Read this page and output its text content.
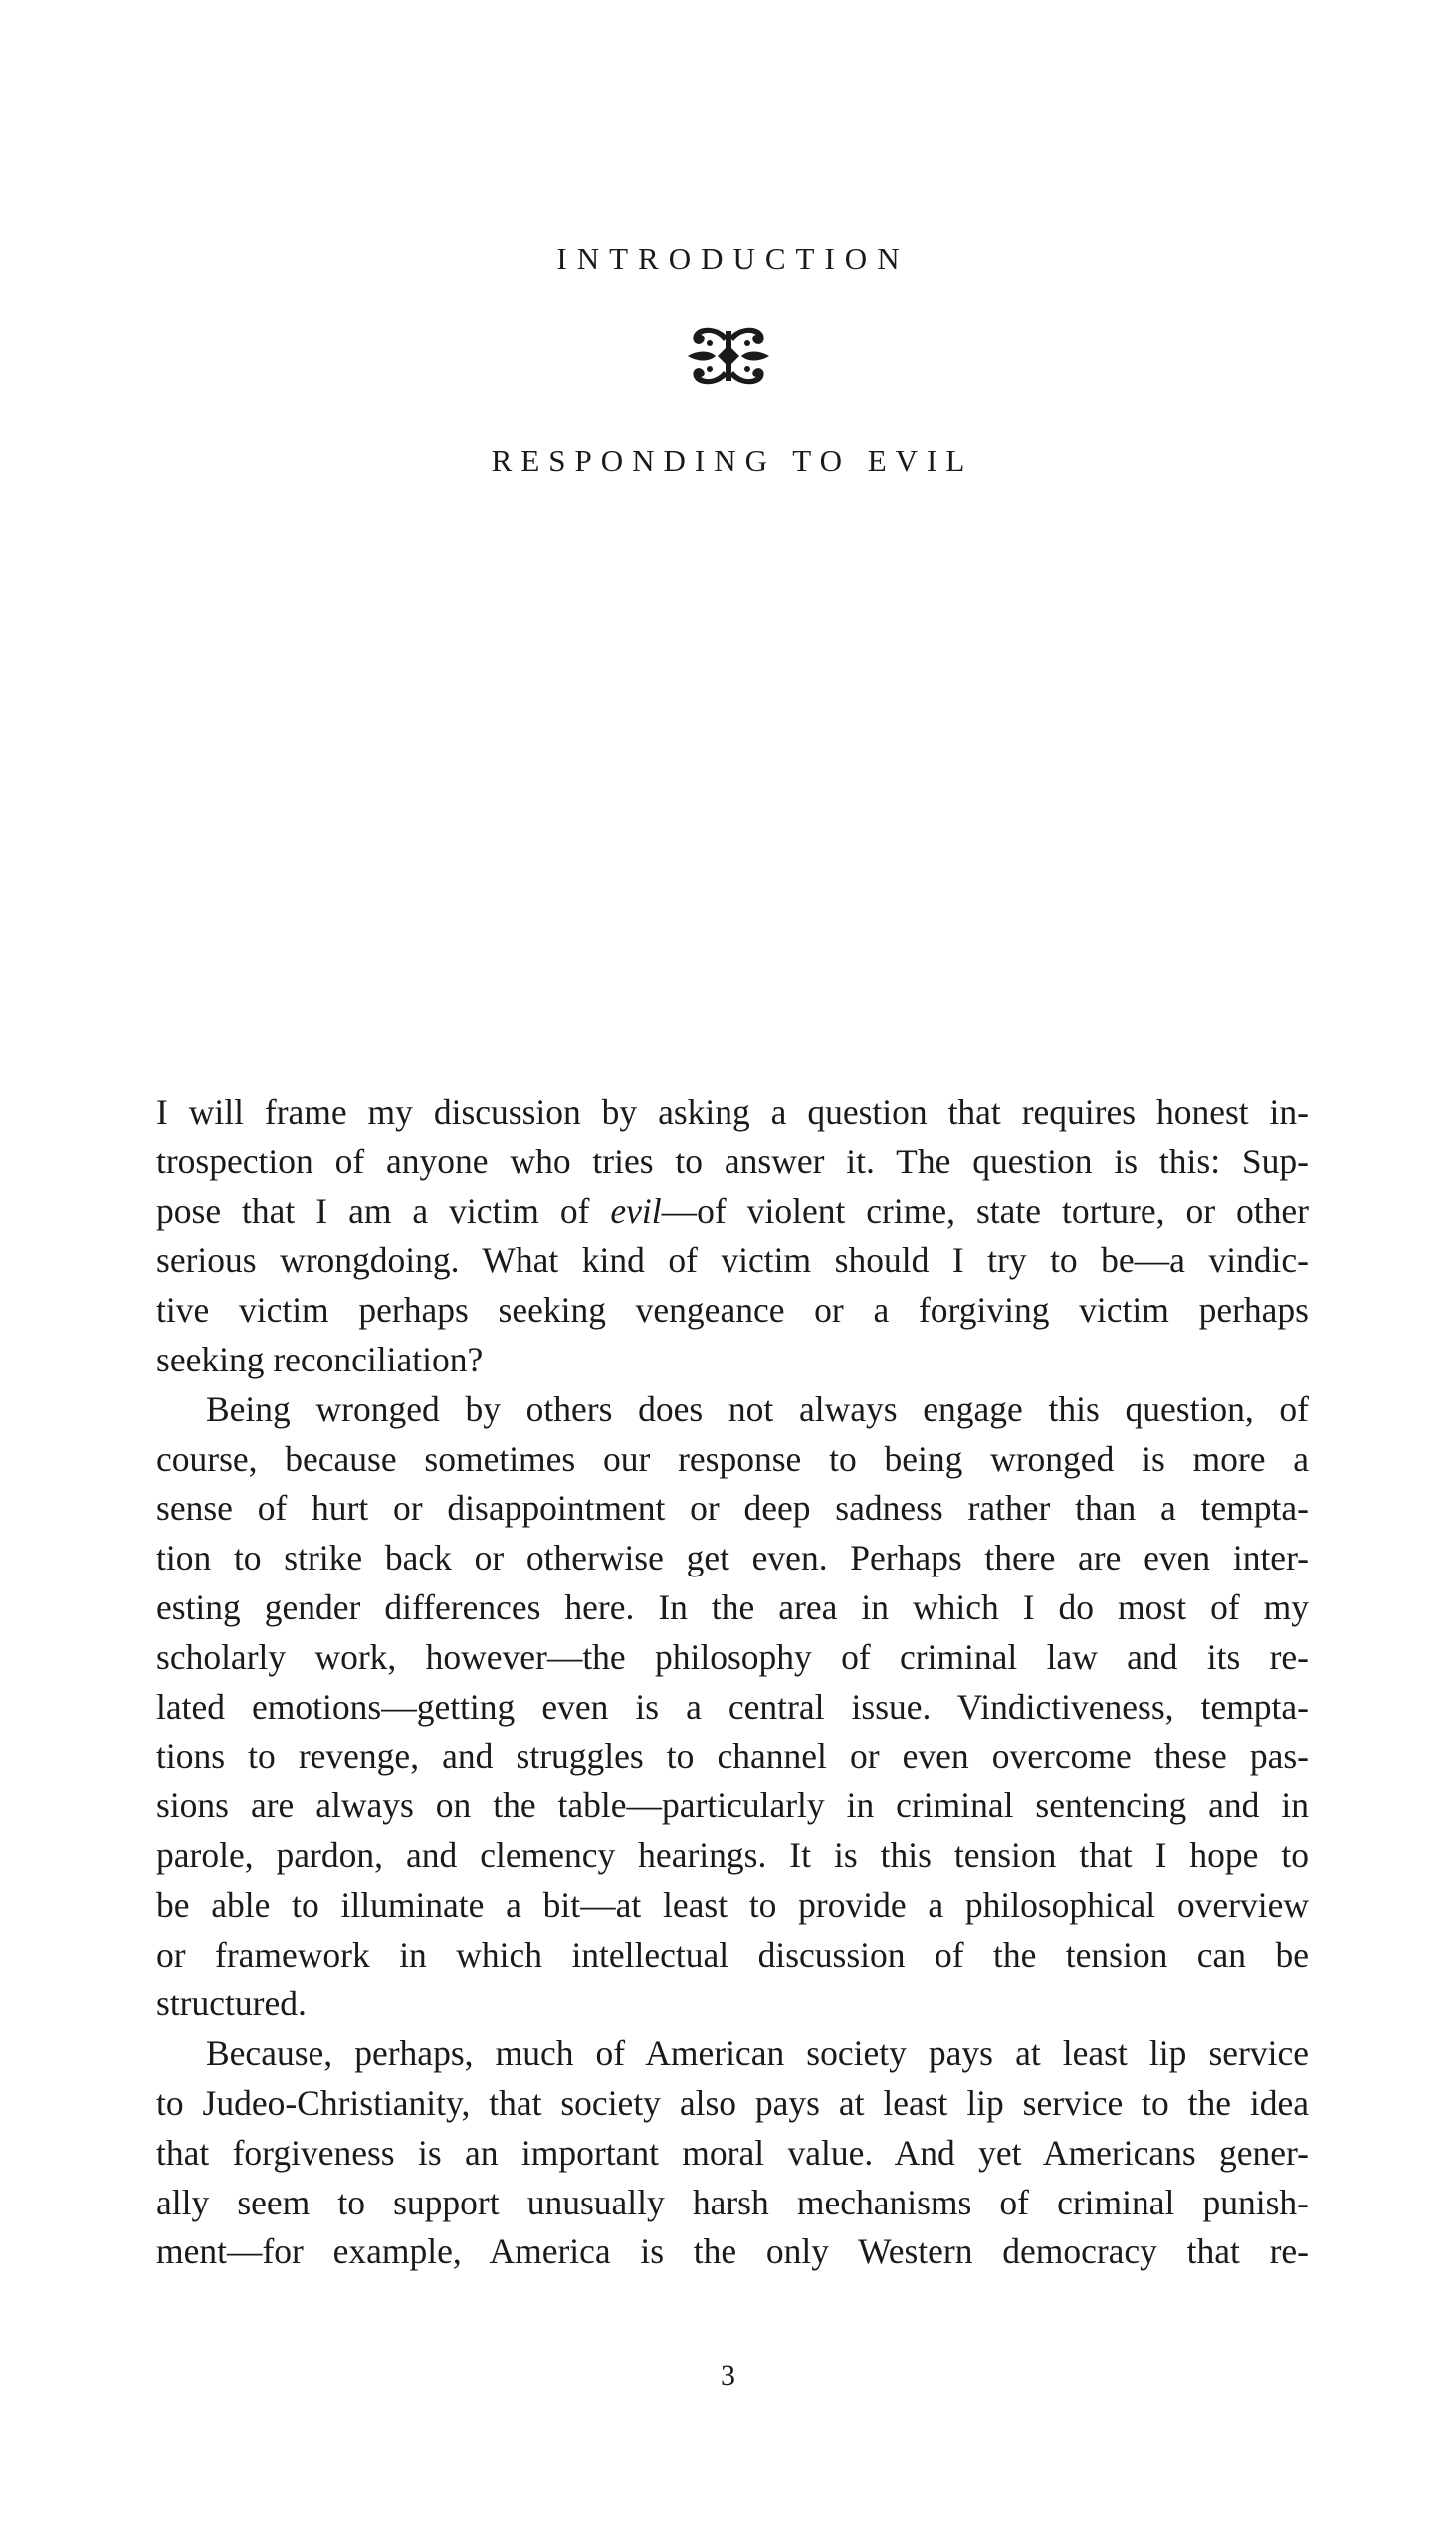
INTRODUCTION
RESPONDING TO EVIL
I will frame my discussion by asking a question that requires honest in-
trospection of anyone who tries to answer it. The question is this: Sup-
pose that I am a victim of evil—of violent crime, state torture, or other
serious wrongdoing. What kind of victim should I try to be—a vindic-
tive victim perhaps seeking vengeance or a forgiving victim perhaps
seeking reconciliation?
Being wronged by others does not always engage this question, of
course, because sometimes our response to being wronged is more a
sense of hurt or disappointment or deep sadness rather than a tempta-
tion to strike back or otherwise get even. Perhaps there are even inter-
esting gender differences here. In the area in which I do most of my
scholarly work, however—the philosophy of criminal law and its re-
lated emotions—getting even is a central issue. Vindictiveness, tempta-
tions to revenge, and struggles to channel or even overcome these pas-
sions are always on the table—particularly in criminal sentencing and in
parole, pardon, and clemency hearings. It is this tension that I hope to
be able to illuminate a bit—at least to provide a philosophical overview
or framework in which intellectual discussion of the tension can be
structured.
Because, perhaps, much of American society pays at least lip service
to Judeo-Christianity, that society also pays at least lip service to the idea
that forgiveness is an important moral value. And yet Americans gener-
ally seem to support unusually harsh mechanisms of criminal punish-
ment—for example, America is the only Western democracy that re-
3
